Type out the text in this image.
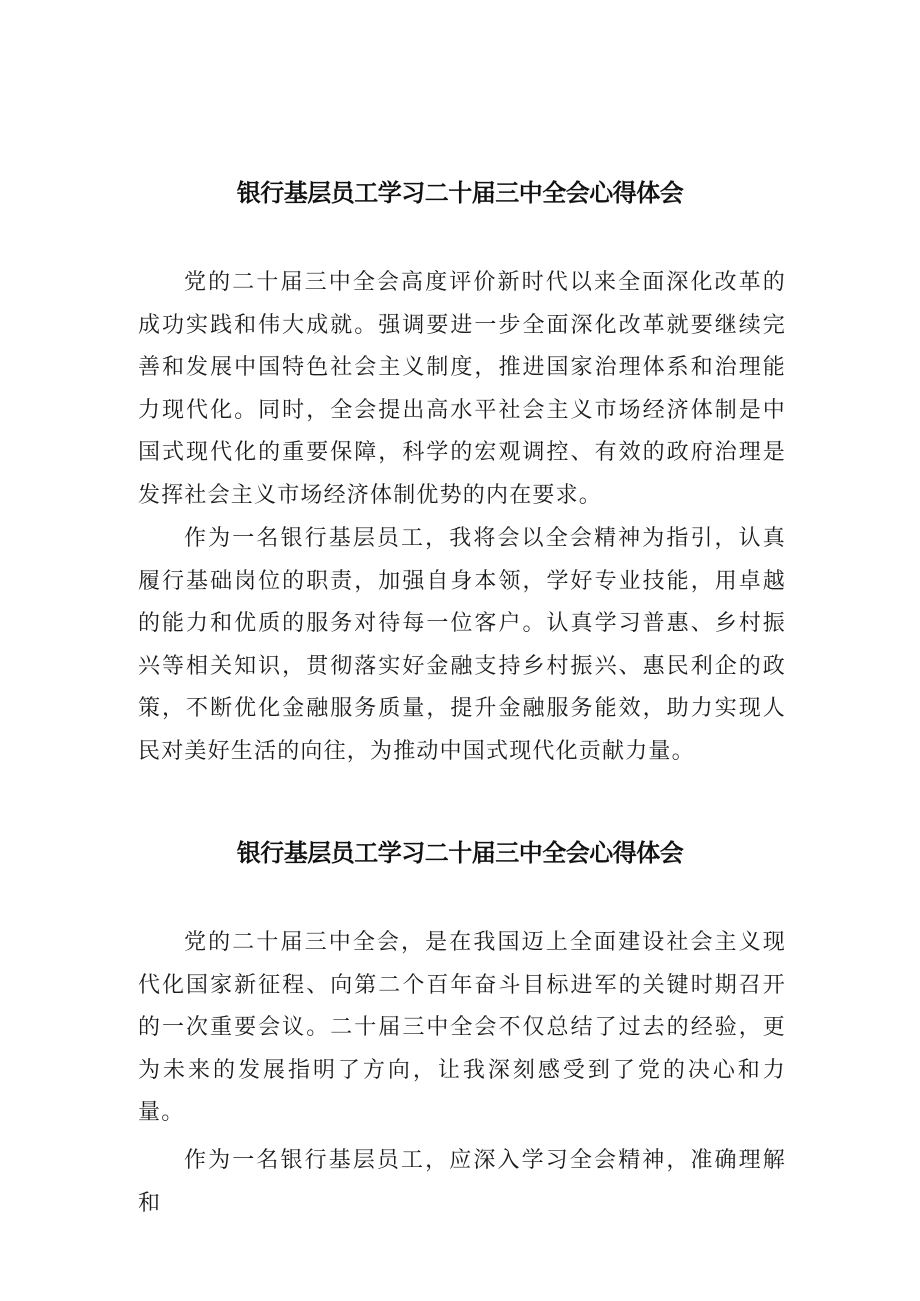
银行基层员工学习二十届三中全会心得体会

党的二十届三中全会高度评价新时代以来全面深化改革的成功实践和伟大成就。强调要进一步全面深化改革就要继续完善和发展中国特色社会主义制度，推进国家治理体系和治理能力现代化。同时，全会提出高水平社会主义市场经济体制是中国式现代化的重要保障，科学的宏观调控、有效的政府治理是发挥社会主义市场经济体制优势的内在要求。

作为一名银行基层员工，我将会以全会精神为指引，认真履行基础岗位的职责，加强自身本领，学好专业技能，用卓越的能力和优质的服务对待每一位客户。认真学习普惠、乡村振兴等相关知识，贯彻落实好金融支持乡村振兴、惠民利企的政策，不断优化金融服务质量，提升金融服务能效，助力实现人民对美好生活的向往，为推动中国式现代化贡献力量。

银行基层员工学习二十届三中全会心得体会

党的二十届三中全会，是在我国迈上全面建设社会主义现代化国家新征程、向第二个百年奋斗目标进军的关键时期召开的一次重要会议。二十届三中全会不仅总结了过去的经验，更为未来的发展指明了方向，让我深刻感受到了党的决心和力量。

作为一名银行基层员工，应深入学习全会精神，准确理解和
